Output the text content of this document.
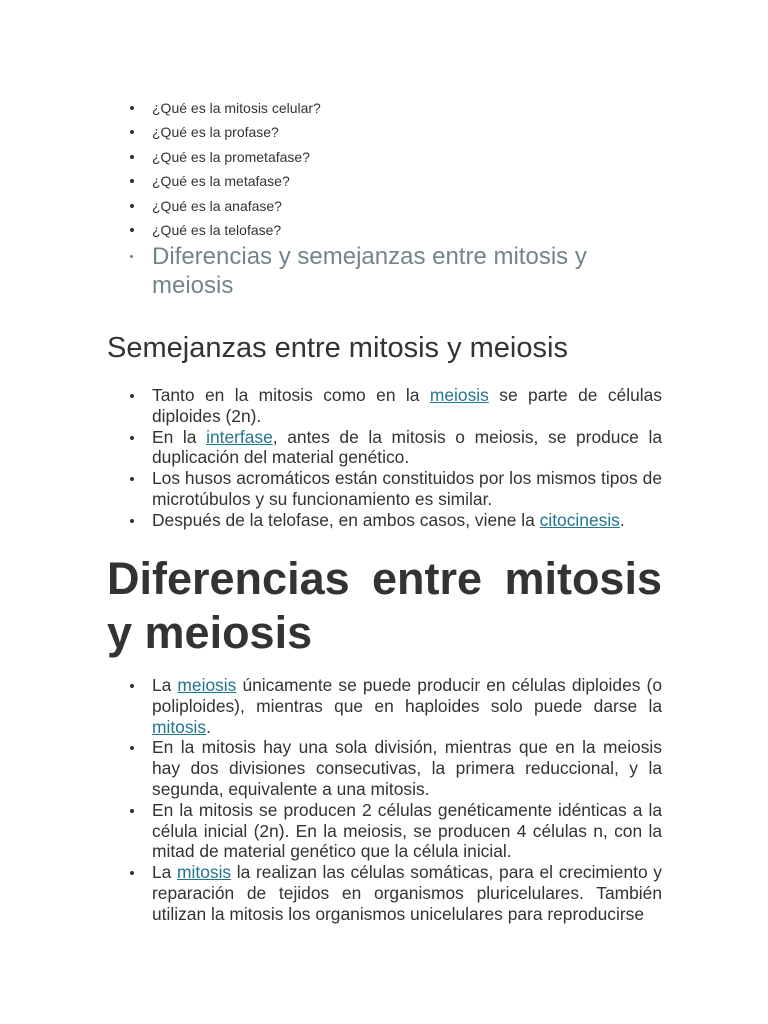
¿Qué es la mitosis celular?
¿Qué es la profase?
¿Qué es la prometafase?
¿Qué es la metafase?
¿Qué es la anafase?
¿Qué es la telofase?
Diferencias y semejanzas entre mitosis y meiosis
Semejanzas entre mitosis y meiosis
Tanto en la mitosis como en la meiosis se parte de células diploides (2n).
En la interfase, antes de la mitosis o meiosis, se produce la duplicación del material genético.
Los husos acromáticos están constituidos por los mismos tipos de microtúbulos y su funcionamiento es similar.
Después de la telofase, en ambos casos, viene la citocinesis.
Diferencias entre mitosis y meiosis
La meiosis únicamente se puede producir en células diploides (o poliploides), mientras que en haploides solo puede darse la mitosis.
En la mitosis hay una sola división, mientras que en la meiosis hay dos divisiones consecutivas, la primera reduccional, y la segunda, equivalente a una mitosis.
En la mitosis se producen 2 células genéticamente idénticas a la célula inicial (2n). En la meiosis, se producen 4 células n, con la mitad de material genético que la célula inicial.
La mitosis la realizan las células somáticas, para el crecimiento y reparación de tejidos en organismos pluricelulares. También utilizan la mitosis los organismos unicelulares para reproducirse
